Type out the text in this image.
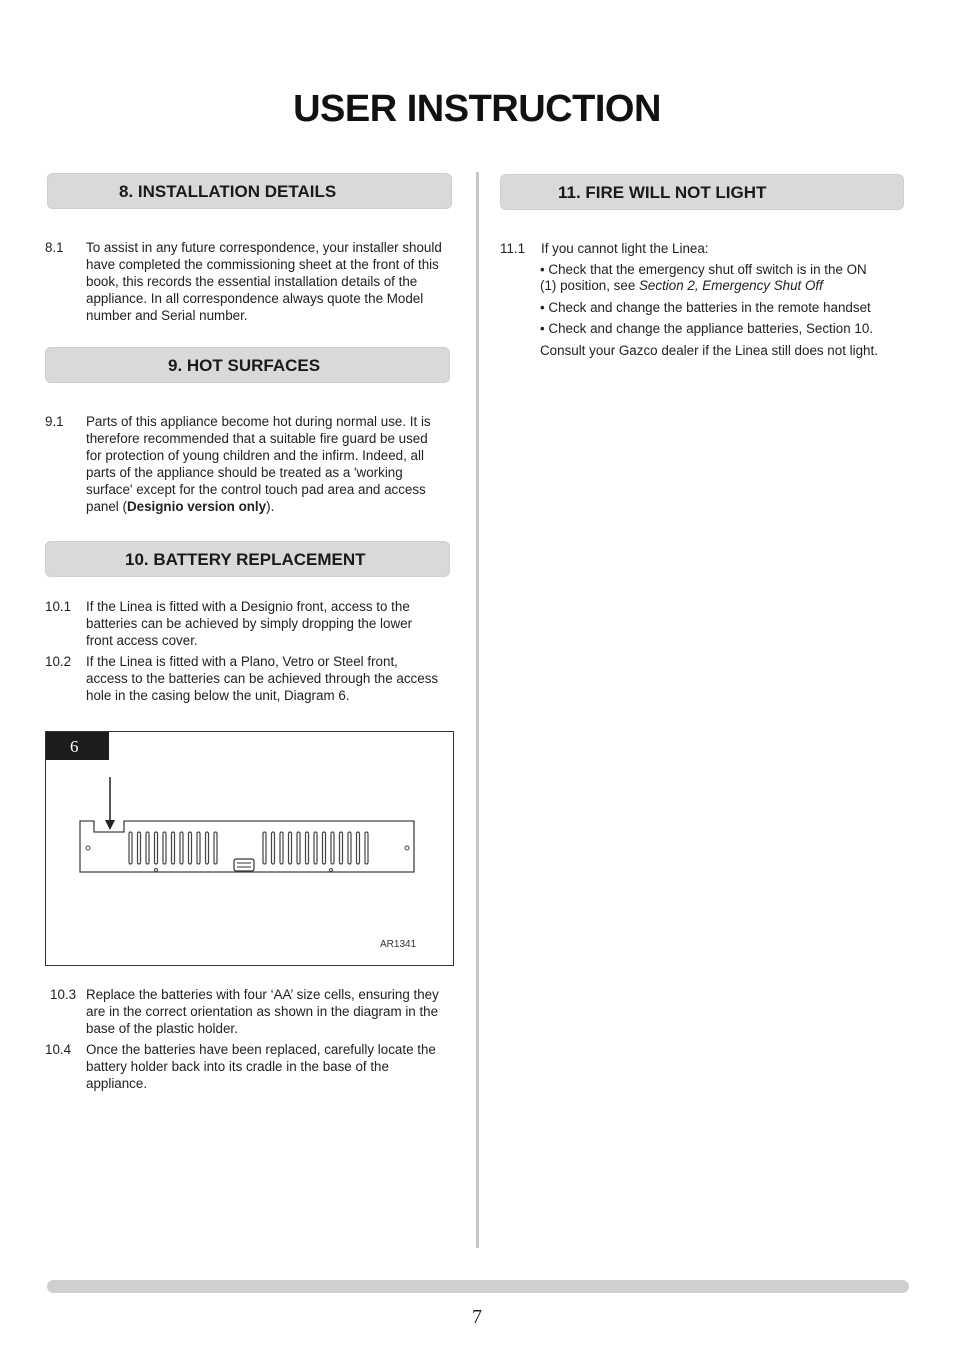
USER INSTRUCTION
8. INSTALLATION DETAILS
8.1 To assist in any future correspondence, your installer should
have completed the commissioning sheet at the front of this
book, this records the essential installation details of the
appliance. In all correspondence always quote the Model
number and Serial number.
9. HOT SURFACES
9.1 Parts of this appliance become hot during normal use. It is
therefore recommended that a suitable fire guard be used
for protection of young children and the infirm. Indeed, all
parts of the appliance should be treated as a 'working
surface' except for the control touch pad area and access
panel (Designio version only).
10. BATTERY REPLACEMENT
10.1 If the Linea is fitted with a Designio front, access to the
batteries can be achieved by simply dropping the lower
front access cover.
10.2 If the Linea is fitted with a Plano, Vetro or Steel front,
access to the batteries can be achieved through the access
hole in the casing below the unit, Diagram 6.
6
AR1341
10.3 Replace the batteries with four ‘AA’ size cells, ensuring they
are in the correct orientation as shown in the diagram in the
base of the plastic holder.
10.4 Once the batteries have been replaced, carefully locate the
battery holder back into its cradle in the base of the
appliance.
11. FIRE WILL NOT LIGHT
11.1 If you cannot light the Linea:
• Check that the emergency shut off switch is in the ON
(1) position, see Section 2, Emergency Shut Off
• Check and change the batteries in the remote handset
• Check and change the appliance batteries, Section 10.
Consult your Gazco dealer if the Linea still does not light.
7
